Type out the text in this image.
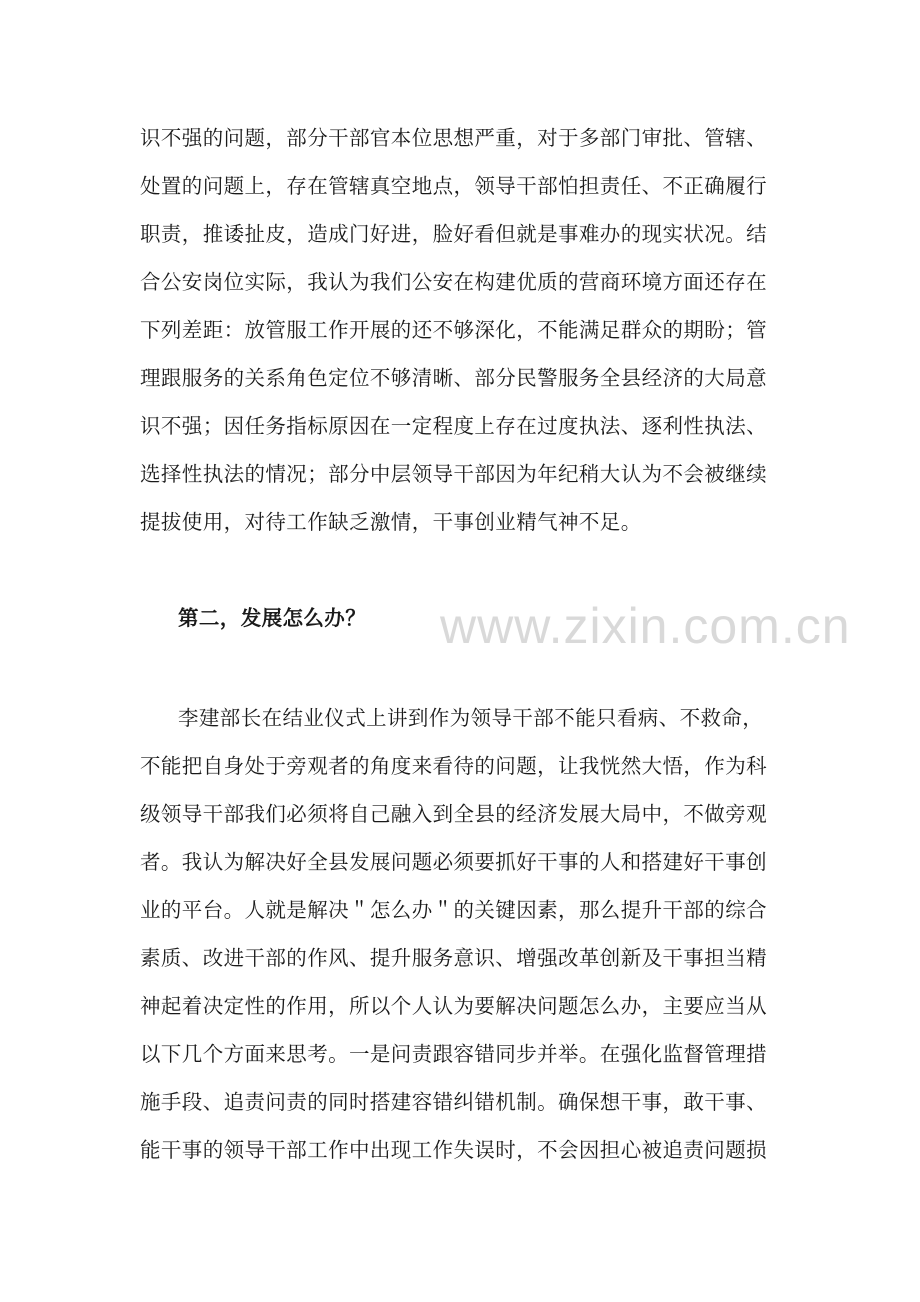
识不强的问题，部分干部官本位思想严重，对于多部门审批、管辖、
处置的问题上，存在管辖真空地点，领导干部怕担责任、不正确履行
职责，推诿扯皮，造成门好进，脸好看但就是事难办的现实状况。结
合公安岗位实际，我认为我们公安在构建优质的营商环境方面还存在
下列差距：放管服工作开展的还不够深化，不能满足群众的期盼；管
理跟服务的关系角色定位不够清晰、部分民警服务全县经济的大局意
识不强；因任务指标原因在一定程度上存在过度执法、逐利性执法、
选择性执法的情况；部分中层领导干部因为年纪稍大认为不会被继续
提拔使用，对待工作缺乏激情，干事创业精气神不足。
第二，发展怎么办？ www.zixin.com.cn
李建部长在结业仪式上讲到作为领导干部不能只看病、不救命，
不能把自身处于旁观者的角度来看待的问题，让我恍然大悟，作为科
级领导干部我们必须将自己融入到全县的经济发展大局中，不做旁观
者。我认为解决好全县发展问题必须要抓好干事的人和搭建好干事创
业的平台。人就是解决＂怎么办＂的关键因素，那么提升干部的综合
素质、改进干部的作风、提升服务意识、增强改革创新及干事担当精
神起着决定性的作用，所以个人认为要解决问题怎么办，主要应当从
以下几个方面来思考。一是问责跟容错同步并举。在强化监督管理措
施手段、追责问责的同时搭建容错纠错机制。确保想干事，敢干事、
能干事的领导干部工作中出现工作失误时，不会因担心被追责问题损
